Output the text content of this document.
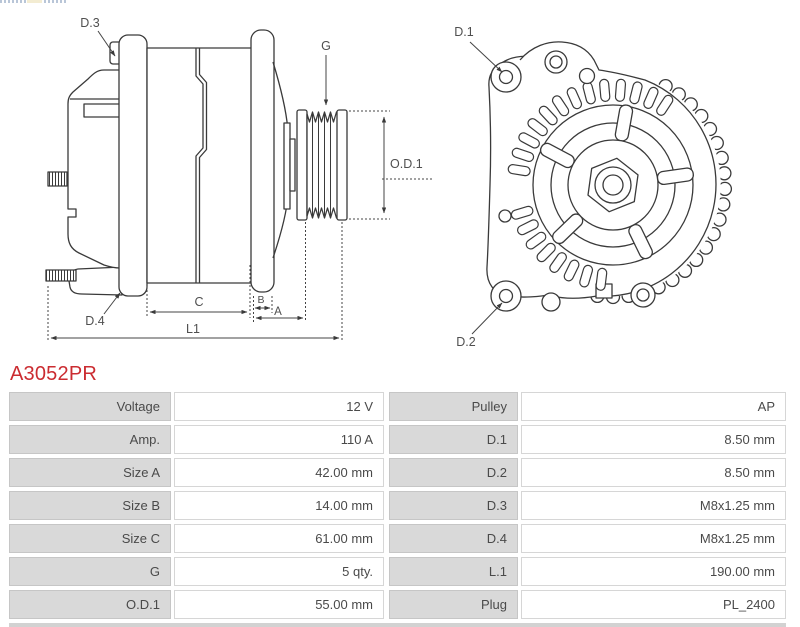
D.3
G
O.D.1
D.4
C	B
A
L1
D.1
D.2
A3052PR
Voltage	12 V	Pulley	AP
Amp.	110 A	D.1	8.50 mm
Size A	42.00 mm	D.2	8.50 mm
Size B	14.00 mm	D.3	M8x1.25 mm
Size C	61.00 mm	D.4	M8x1.25 mm
G	5 qty.	L.1	190.00 mm
O.D.1	55.00 mm	Plug	PL_2400
